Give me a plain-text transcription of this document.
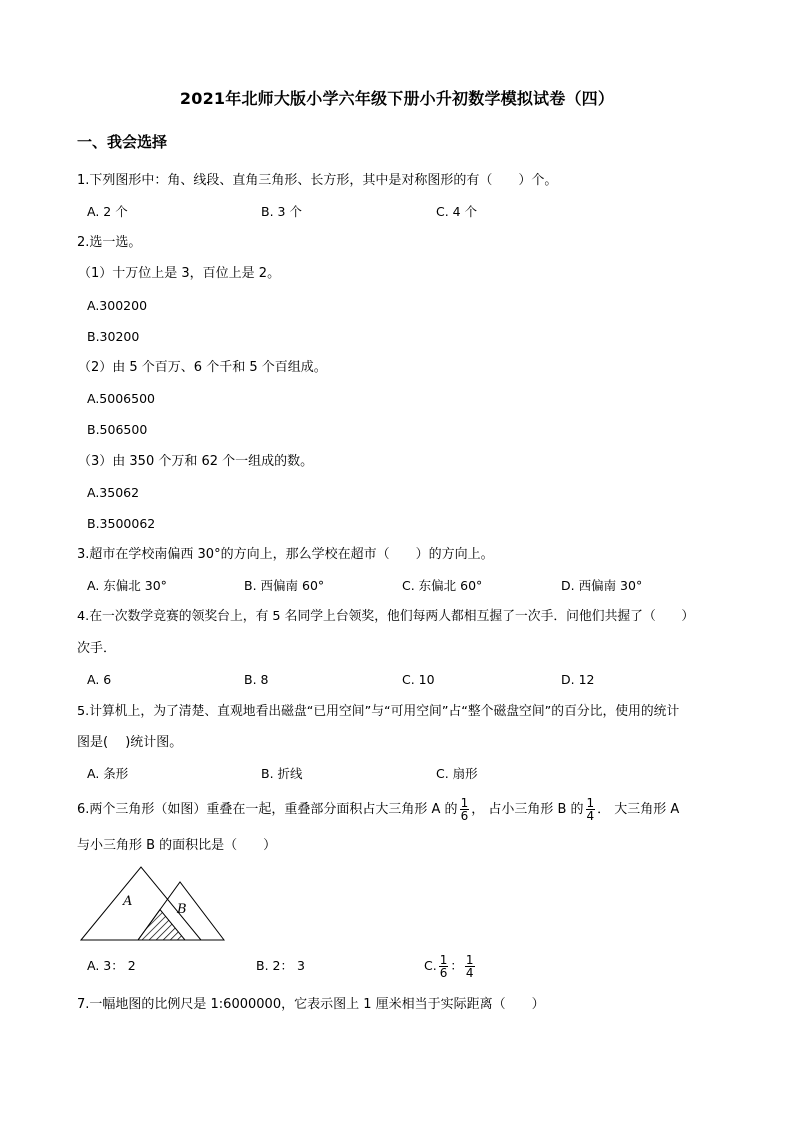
2021年北师大版小学六年级下册小升初数学模拟试卷（四）
一、我会选择
1.下列图形中：角、线段、直角三角形、长方形，其中是对称图形的有（　　）个。
A. 2 个	B. 3 个	C. 4 个
2.选一选。
（1）十万位上是 3，百位上是 2。
A.300200
B.30200
（2）由 5 个百万、6 个千和 5 个百组成。
A.5006500
B.506500
（3）由 350 个万和 62 个一组成的数。
A.35062
B.3500062
3.超市在学校南偏西 30°的方向上，那么学校在超市（　　）的方向上。
A. 东偏北 30°	B. 西偏南 60°	C. 东偏北 60°	D. 西偏南 30°
4.在一次数学竞赛的领奖台上，有 5 名同学上台领奖，他们每两人都相互握了一次手．问他们共握了（　　）
次手．
A. 6	B. 8	C. 10	D. 12
5.计算机上，为了清楚、直观地看出磁盘“已用空间”与“可用空间”占“整个磁盘空间”的百分比，使用的统计
图是(　 )统计图。
A. 条形	B. 折线	C. 扇形
6.两个三角形（如图）重叠在一起，重叠部分面积占大三角形 A 的 $\frac{1}{6}$ ， 占小三角形 B 的 $\frac{1}{4}$ ． 大三角形 A
与小三角形 B 的面积比是（　　）
A
B
A. 3： 2	B. 2： 3	C. $\frac{1}{6}$ ： $\frac{1}{4}$
7.一幅地图的比例尺是 1:6000000，它表示图上 1 厘米相当于实际距离（　　）
